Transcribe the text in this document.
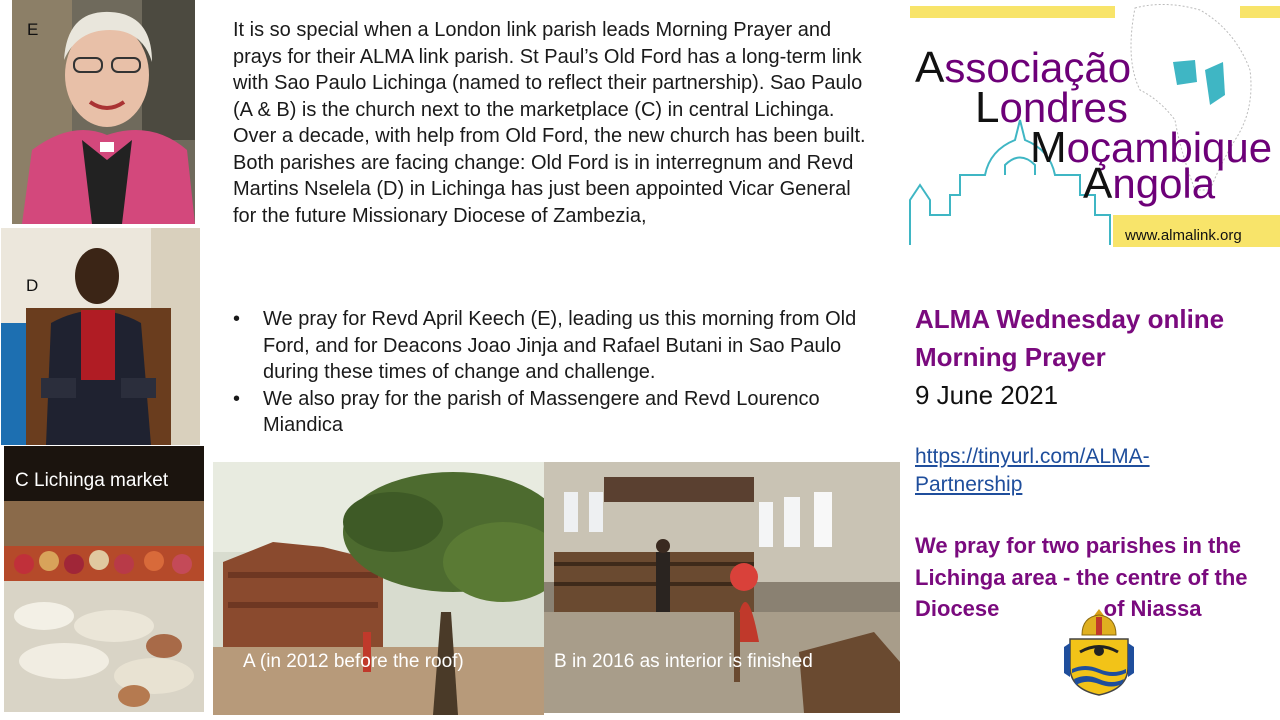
E
D
C Lichinga market
A (in 2012 before the roof)	B in 2016 as interior is finished

It is so special when a London link parish leads Morning Prayer and prays for their ALMA link parish. St Paul’s Old Ford has a long-term link with Sao Paulo Lichinga (named to reflect their partnership). Sao Paulo (A & B) is the church next to the marketplace (C) in central Lichinga. Over a decade, with help from Old Ford, the new church has been built. Both parishes are facing change: Old Ford is in interregnum and Revd Martins Nselela (D) in Lichinga has just been appointed Vicar General for the future Missionary Diocese of Zambezia,

• We pray for Revd April Keech (E), leading us this morning from Old Ford, and for Deacons Joao Jinja and Rafael Butani in Sao Paulo during these times of change and challenge.
• We also pray for the parish of Massengere and Revd Lourenco Miandica
Associação
Londres
Moçambique
Angola
www.almalink.org
ALMA Wednesday online
Morning Prayer
9 June 2021
https://tinyurl.com/ALMA-Partnership
We pray for two parishes in the Lichinga area - the centre of the Diocese	of Niassa
